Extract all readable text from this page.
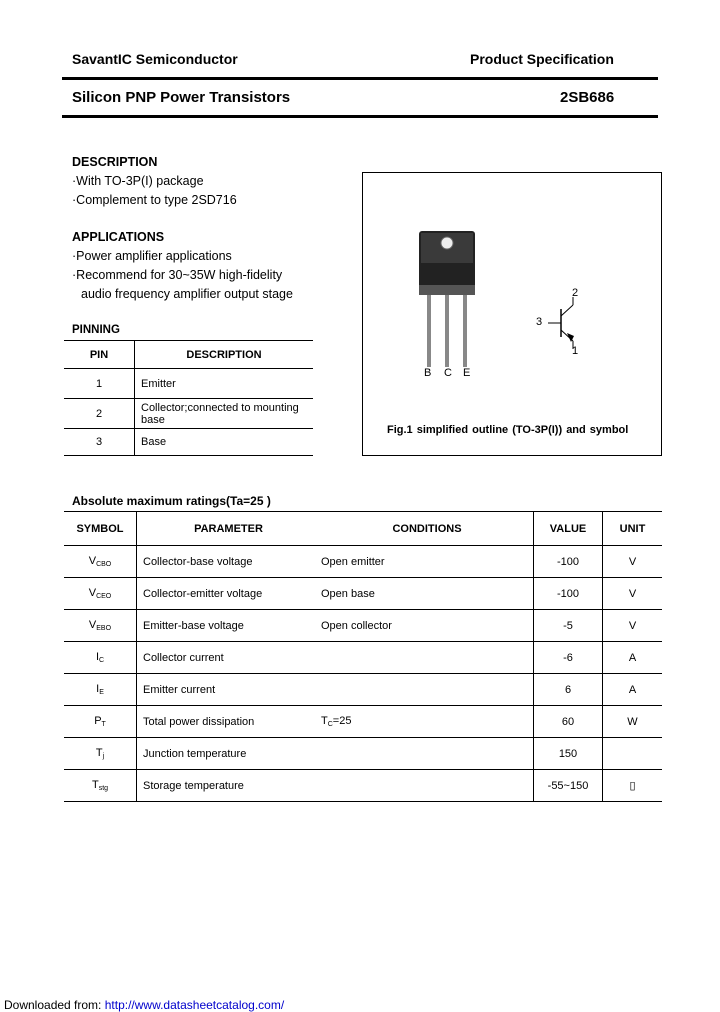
SavantIC Semiconductor	Product Specification
Silicon PNP Power Transistors	2SB686
DESCRIPTION
·With TO-3P(I) package
·Complement to type 2SD716
APPLICATIONS
·Power amplifier applications
·Recommend for 30~35W high-fidelity
audio frequency amplifier output stage
PINNING
PIN	DESCRIPTION
1	Emitter
2	Collector;connected to mounting base
3	Base
B C E
2
3
1
Fig.1 simplified outline (TO-3P(I)) and symbol
Absolute maximum ratings(Ta=25 )
SYMBOL	PARAMETER	CONDITIONS	VALUE	UNIT
$V_{CBO}$	Collector-base voltage	Open emitter	-100	V
$V_{CEO}$	Collector-emitter voltage	Open base	-100	V
$V_{EBO}$	Emitter-base voltage	Open collector	-5	V
$I_C$	Collector current		-6	A
$I_E$	Emitter current		6	A
$P_T$	Total power dissipation	$T_C=25$	60	W
$T_j$	Junction temperature		150	
$T_{stg}$	Storage temperature		-55~150	▯
Downloaded from: http://www.datasheetcatalog.com/
